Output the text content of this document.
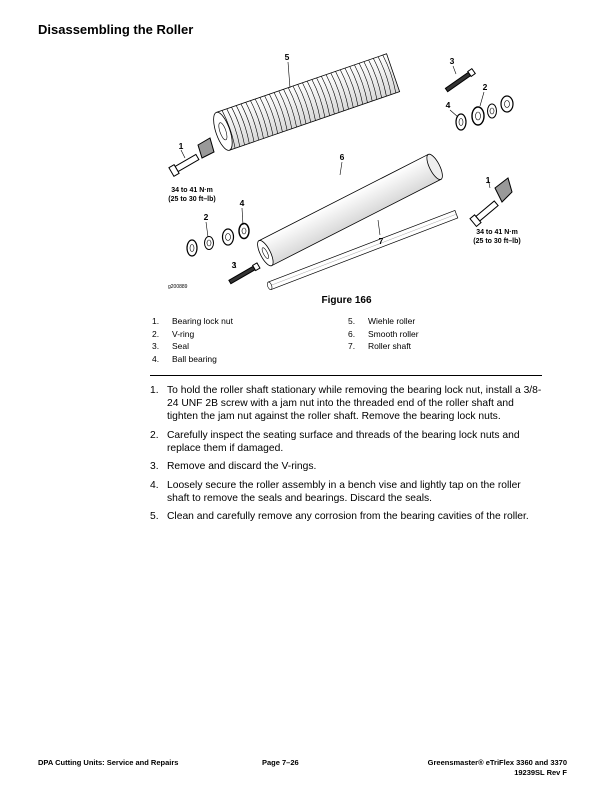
Disassembling the Roller
5	3
2
4
1
6
1
4
2
7
3
34 to 41 N·m
(25 to 30 ft–lb)
34 to 41 N·m
(25 to 30 ft–lb)
g200889
Figure 166
1.	Bearing lock nut
2.	V-ring
3.	Seal
4.	Ball bearing
5.	Wiehle roller
6.	Smooth roller
7.	Roller shaft
1. To hold the roller shaft stationary while removing the bearing lock nut, install a 3/8-24 UNF 2B screw with a jam nut into the threaded end of the roller shaft and tighten the jam nut against the roller shaft. Remove the bearing lock nuts.
2. Carefully inspect the seating surface and threads of the bearing lock nuts and replace them if damaged.
3. Remove and discard the V-rings.
4. Loosely secure the roller assembly in a bench vise and lightly tap on the roller shaft to remove the seals and bearings. Discard the seals.
5. Clean and carefully remove any corrosion from the bearing cavities of the roller.
DPA Cutting Units: Service and Repairs	Page 7–26	Greensmaster® eTriFlex 3360 and 3370
19239SL Rev F
